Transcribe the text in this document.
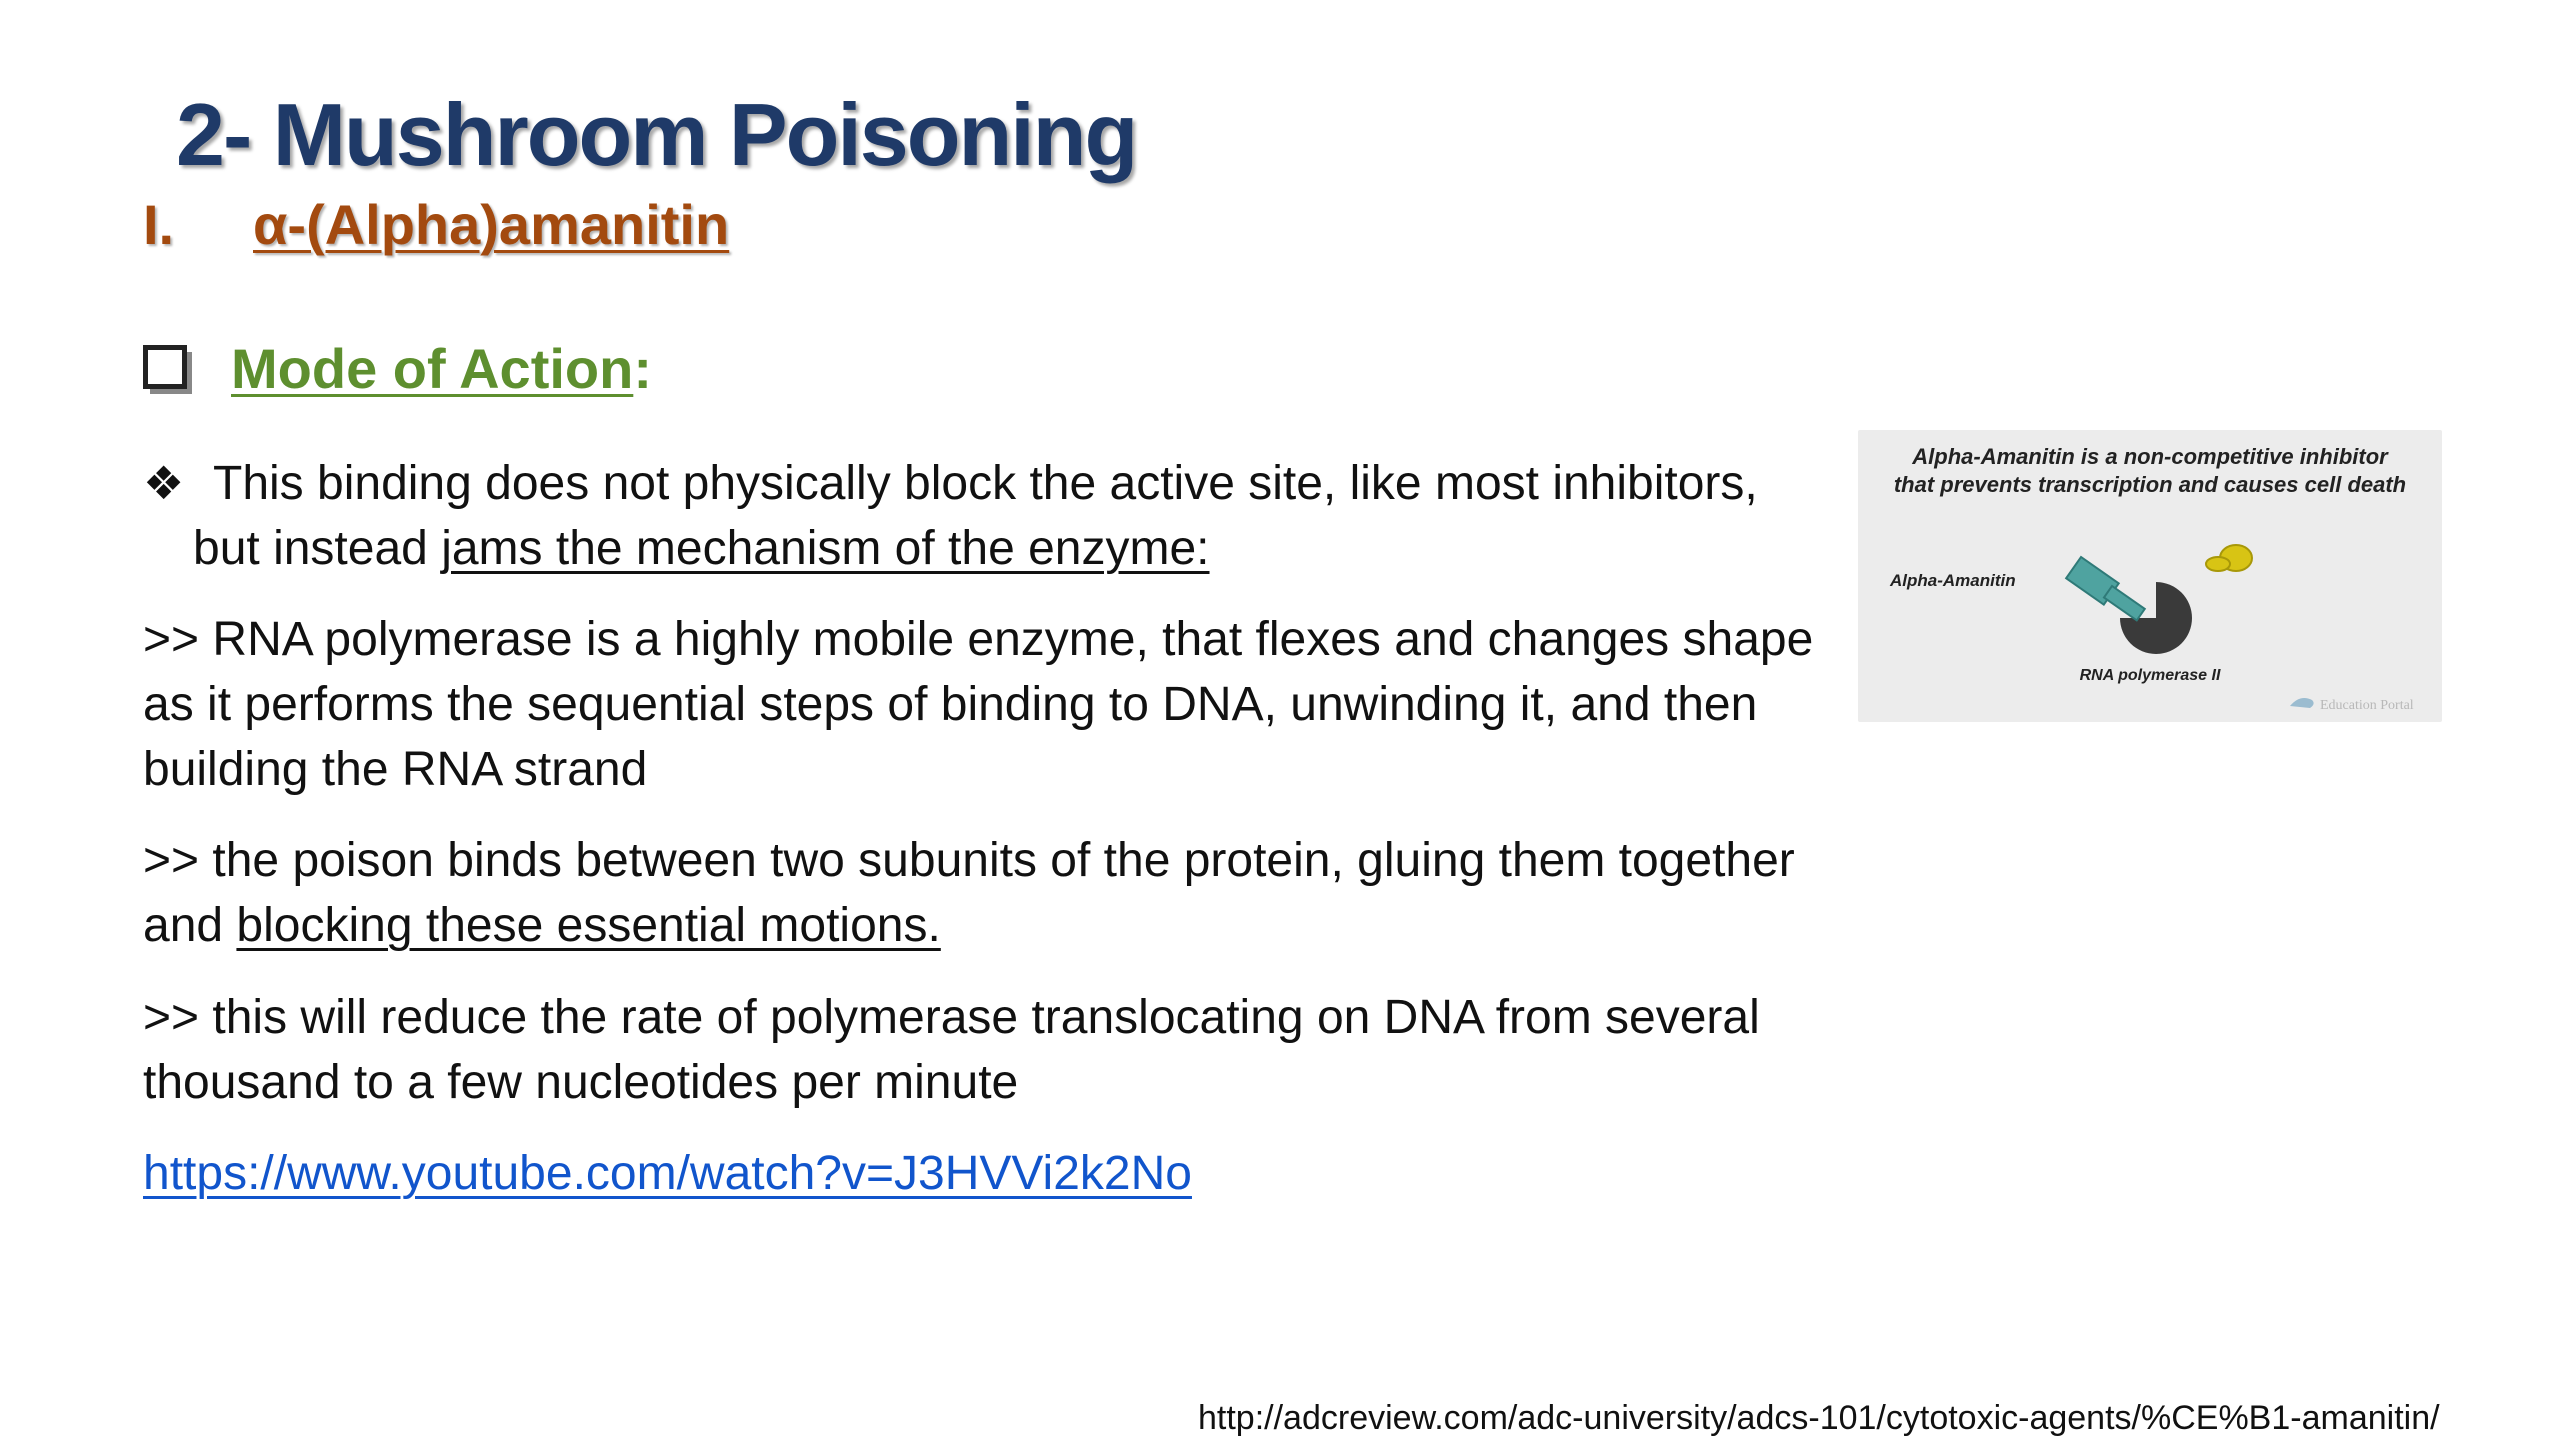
2- Mushroom Poisoning
I. α-(Alpha)amanitin
Mode of Action:

❖ This binding does not physically block the active site, like most inhibitors,
but instead jams the mechanism of the enzyme:

>> RNA polymerase is a highly mobile enzyme, that flexes and changes shape as it performs the sequential steps of binding to DNA, unwinding it, and then building the RNA strand

>> the poison binds between two subunits of the protein, gluing them together and blocking these essential motions.

>> this will reduce the rate of polymerase translocating on DNA from several thousand to a few nucleotides per minute

https://www.youtube.com/watch?v=J3HVVi2k2No
http://adcreview.com/adc-university/adcs-101/cytotoxic-agents/%CE%B1-amanitin/
Alpha-Amanitin is a non-competitive inhibitor
that prevents transcription and causes cell death
Alpha-Amanitin
RNA polymerase II
Education Portal
